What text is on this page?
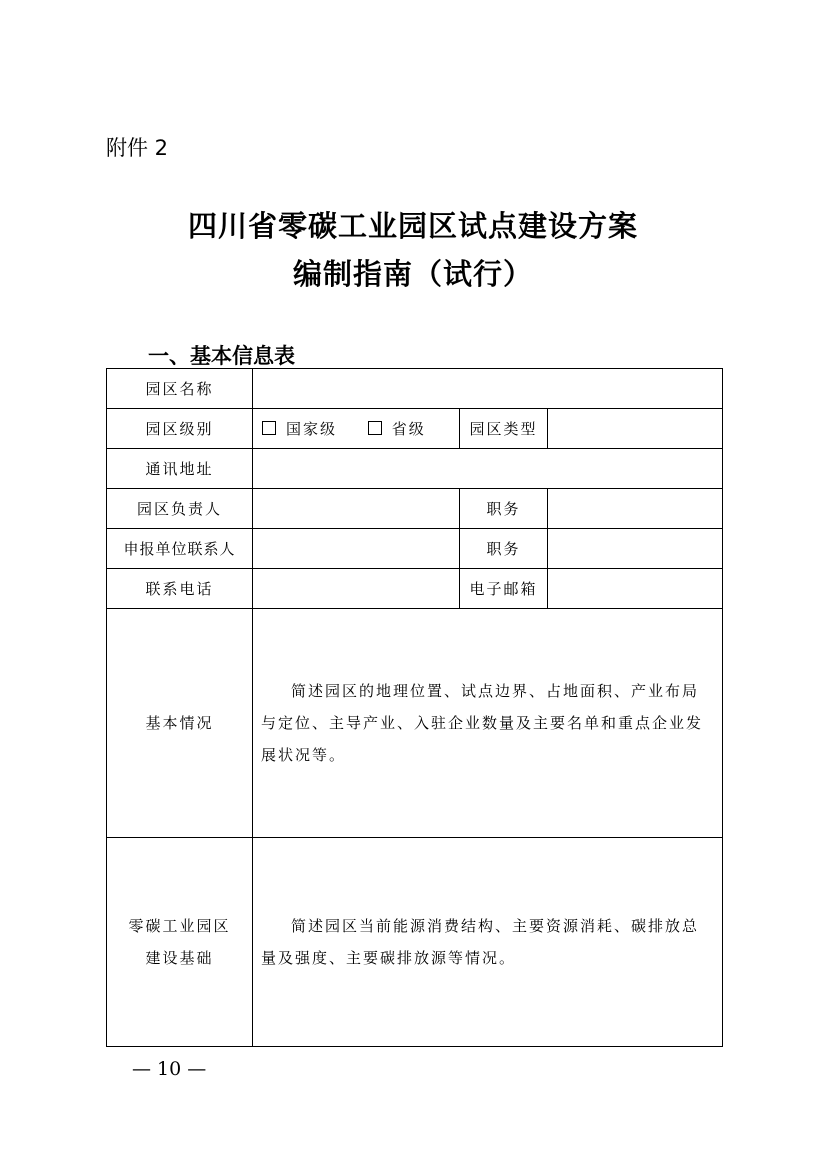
附件 2
四川省零碳工业园区试点建设方案
编制指南（试行）
一、基本信息表
园区名称			
园区级别	国家级 省级	园区类型	
通讯地址			
园区负责人		职务	
申报单位联系人		职务	
联系电话		电子邮箱	
基本情况	简述园区的地理位置、试点边界、占地面积、产业布局与定位、主导产业、入驻企业数量及主要名单和重点企业发展状况等。		

零碳工业园区
建设基础	简述园区当前能源消费结构、主要资源消耗、碳排放总量及强度、主要碳排放源等情况。		
— 10 —
